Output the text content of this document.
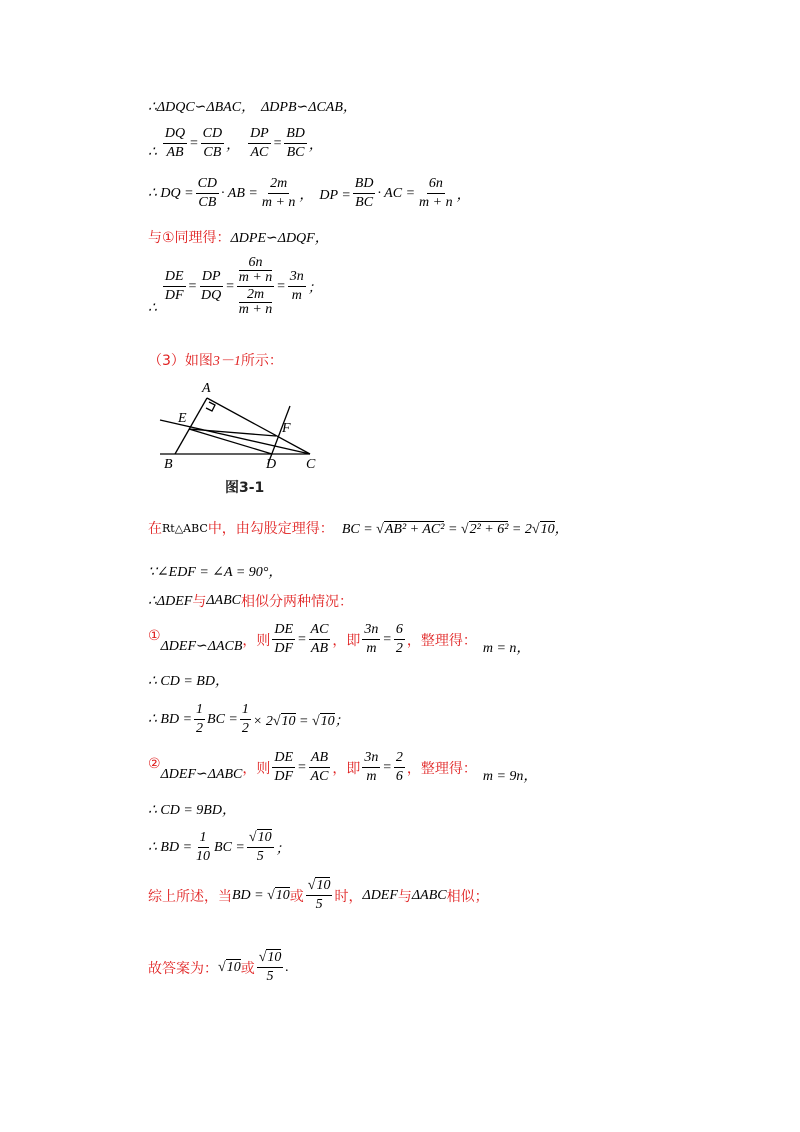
∴ΔDQC∽ΔBAC， ΔDPB∽ΔCAB，
∴ $\frac{DQ}{AB} = \frac{CD}{CB}$ ， $\frac{DP}{AC} = \frac{BD}{BC}$ ，
∴ DQ = $\frac{CD}{CB}$ · AB = $\frac{2m}{m + n}$ ， DP = $\frac{BD}{BC}$ · AC = $\frac{6n}{m + n}$ ，
与①同理得： ΔDPE∽ΔDQF，
∴
$\frac{DE}{DF} = \frac{DP}{DQ} = 6n$
m + n
2m
$m + n = \frac{3n}{m}$ ；
（3）如图 3－1 所示：
A
E
F
B	D C
图3-1
在 Rt△ABC 中，由勾股定理得： BC = √AB² + AC² = √2² + 6² = 2√10，
∵∠EDF = ∠A = 90°，
∴ΔDEF 与 ΔABC 相似分两种情况：
①
ΔDEF∽ΔACB ，则 $\frac{DE}{DF} = \frac{AC}{AB}$ ，即 $\frac{3n}{m} = \frac{6}{2}$ ，整理得： m = n，
∴ CD = BD，
∴ BD = $\frac{1}{2}$ BC = $\frac{1}{2} \times 2√10 = √10$；
②
ΔDEF∽ΔABC ，则 $\frac{DE}{DF} = \frac{AB}{AC}$ ，即 $\frac{3n}{m} = \frac{2}{6}$ ，整理得： m = 9n，
∴ CD = 9BD，
∴ BD = $\frac{1}{10}$ BC = $\frac{√10}{5}$ ；
综上所述，当 BD = √10 或 $\frac{√10}{5}$ 时， ΔDEF 与 ΔABC 相似；
故答案为： √10 或 $\frac{√10}{5}$ .
